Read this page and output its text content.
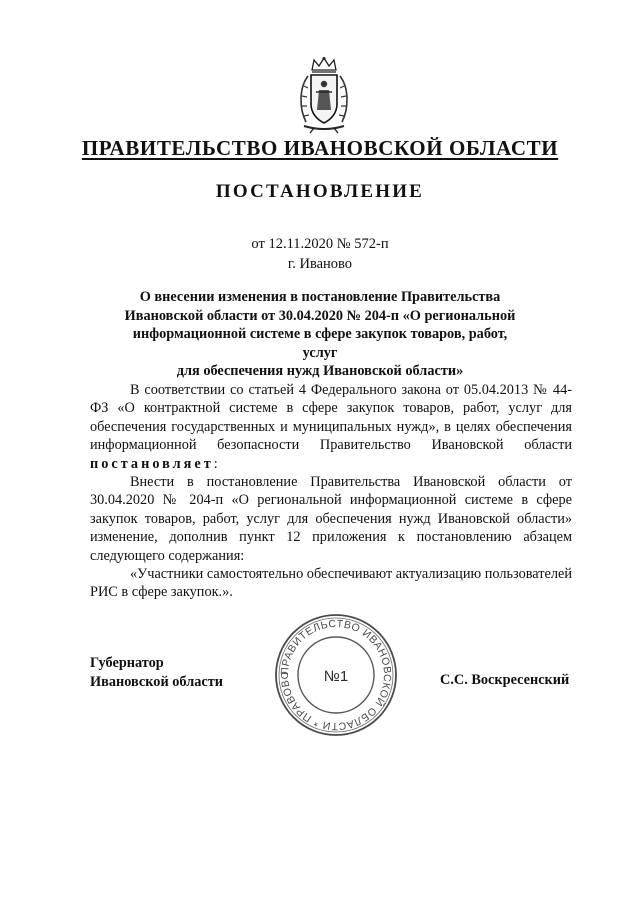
ПРАВИТЕЛЬСТВО ИВАНОВСКОЙ ОБЛАСТИ
ПОСТАНОВЛЕНИЕ
от 12.11.2020 № 572-п
г. Иваново
О внесении изменения в постановление Правительства
Ивановской области от 30.04.2020 № 204-п «О региональной
информационной системе в сфере закупок товаров, работ, услуг
для обеспечения нужд Ивановской области»

В соответствии со статьей 4 Федерального закона от 05.04.2013 № 44-ФЗ «О контрактной системе в сфере закупок товаров, работ, услуг для обеспечения государственных и муниципальных нужд», в целях обеспечения информационной безопасности Правительство Ивановской области постановляет:

Внести в постановление Правительства Ивановской области от 30.04.2020 № 204-п «О региональной информационной системе в сфере закупок товаров, работ, услуг для обеспечения нужд Ивановской области» изменение, дополнив пункт 12 приложения к постановлению абзацем следующего содержания:

«Участники самостоятельно обеспечивают актуализацию пользователей РИС в сфере закупок.».

Губернатор
Ивановской области	С.С. Воскресенский
ПРАВИТЕЛЬСТВО ИВАНОВСКОЙ ОБЛАСТИ * ПРАВОВО	№1
